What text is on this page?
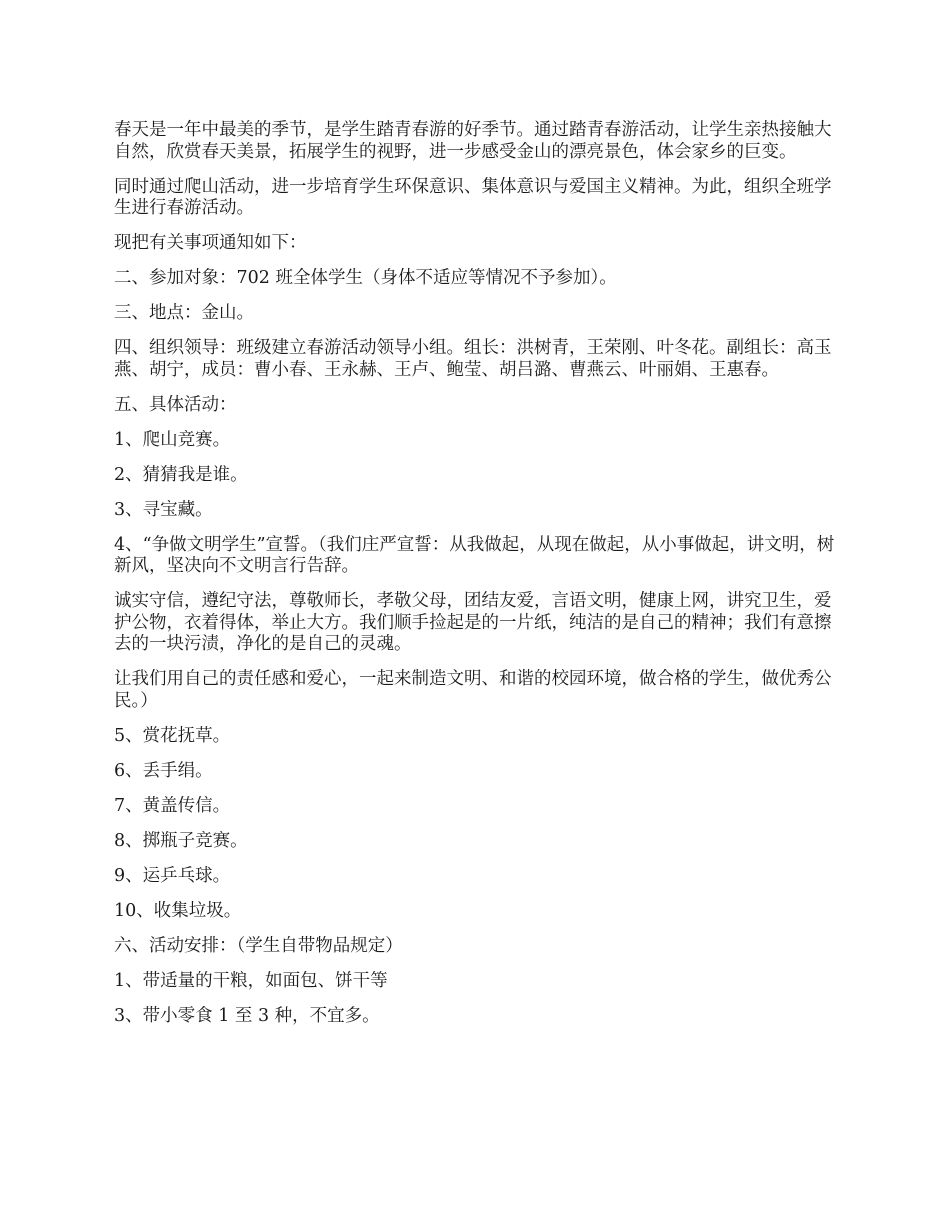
春天是一年中最美的季节，是学生踏青春游的好季节。通过踏青春游活动，让学生亲热接触大自然，欣赏春天美景，拓展学生的视野，进一步感受金山的漂亮景色，体会家乡的巨变。

同时通过爬山活动，进一步培育学生环保意识、集体意识与爱国主义精神。为此，组织全班学生进行春游活动。

现把有关事项通知如下：

二、参加对象：702 班全体学生（身体不适应等情况不予参加）。

三、地点：金山。

四、组织领导：班级建立春游活动领导小组。组长：洪树青，王荣刚、叶冬花。副组长：高玉燕、胡宁，成员：曹小春、王永赫、王卢、鲍莹、胡吕潞、曹燕云、叶丽娟、王惠春。

五、具体活动：

1、爬山竞赛。

2、猜猜我是谁。

3、寻宝藏。

4、“争做文明学生”宣誓。（我们庄严宣誓：从我做起，从现在做起，从小事做起，讲文明，树新风，坚决向不文明言行告辞。

诚实守信，遵纪守法，尊敬师长，孝敬父母，团结友爱，言语文明，健康上网，讲究卫生，爱护公物，衣着得体，举止大方。我们顺手捡起是的一片纸，纯洁的是自己的精神；我们有意擦去的一块污渍，净化的是自己的灵魂。

让我们用自己的责任感和爱心，一起来制造文明、和谐的校园环境，做合格的学生，做优秀公民。）

5、赏花抚草。

6、丢手绢。

7、黄盖传信。

8、掷瓶子竞赛。

9、运乒乓球。

10、收集垃圾。

六、活动安排：（学生自带物品规定）

1、带适量的干粮，如面包、饼干等

3、带小零食 1 至 3 种，不宜多。
